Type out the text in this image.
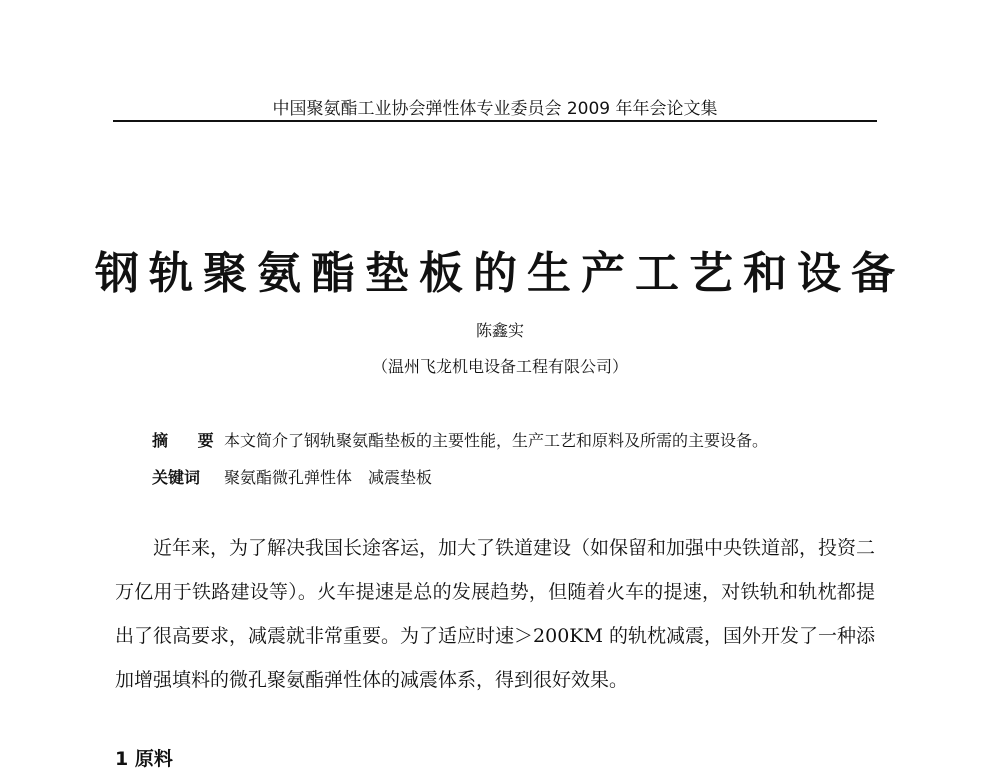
中国聚氨酯工业协会弹性体专业委员会 2009 年年会论文集
钢轨聚氨酯垫板的生产工艺和设备
陈鑫实
（温州飞龙机电设备工程有限公司）
摘 要本文简介了钢轨聚氨酯垫板的主要性能，生产工艺和原料及所需的主要设备。
关键词 聚氨酯微孔弹性体　减震垫板

近年来，为了解决我国长途客运，加大了铁道建设（如保留和加强中央铁道部，投资二万亿用于铁路建设等）。火车提速是总的发展趋势，但随着火车的提速，对铁轨和轨枕都提出了很高要求，减震就非常重要。为了适应时速＞200KM 的轨枕减震，国外开发了一种添加增强填料的微孔聚氨酯弹性体的减震体系，得到很好效果。

1 原料
